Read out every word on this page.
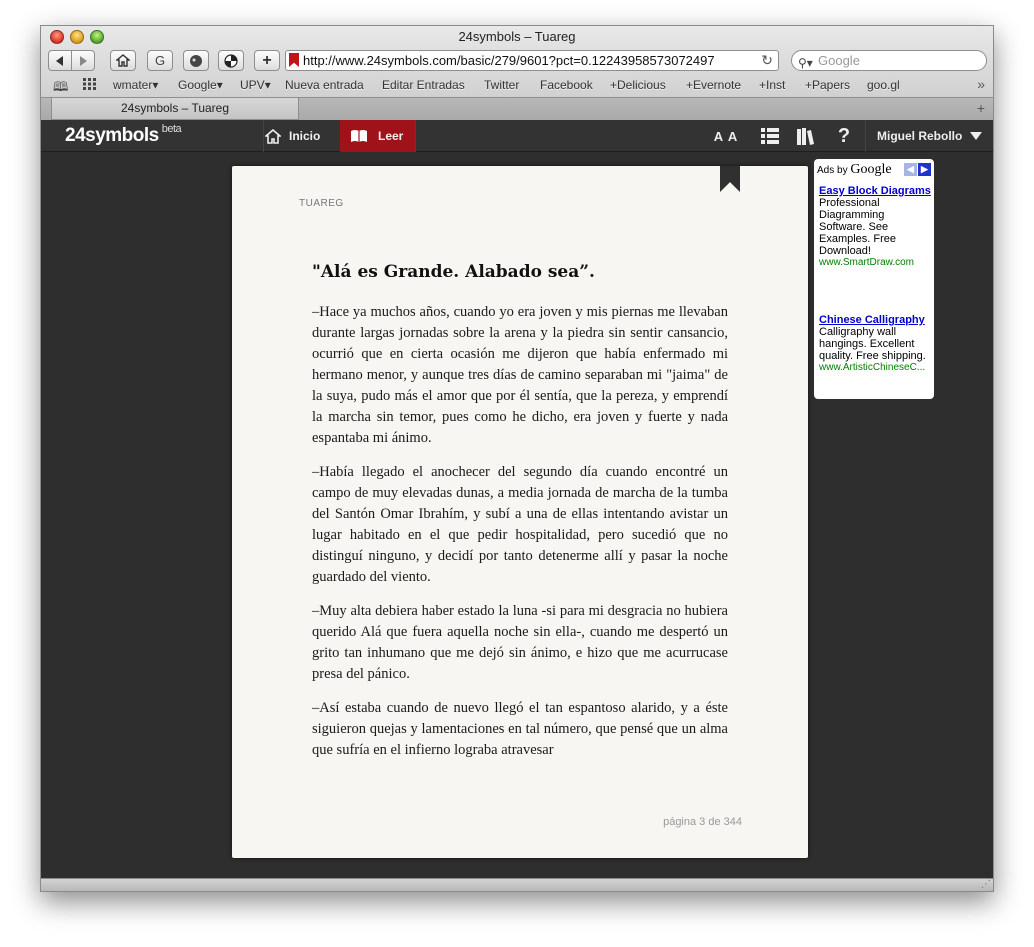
24symbols – Tuareg
G	+	http://www.24symbols.com/basic/279/9601?pct=0.12243958573072497	↻ ⚲▾ Google
🕮	wmater▾ Google▾ UPV▾ Nueva entrada Editar Entradas Twitter Facebook +Delicious +Evernote +Inst +Papers goo.gl	»
24symbols – Tuareg	+
24symbols $^{beta}$	Inicio	Leer	A A	? Miguel Rebollo
TUAREG
"Alá es Grande. Alabado sea”.

–Hace ya muchos años, cuando yo era joven y mis piernas me llevaban durante largas jornadas sobre la arena y la piedra sin sentir cansancio, ocurrió que en cierta ocasión me dijeron que había enfermado mi hermano menor, y aunque tres días de camino separaban mi "jaima" de la suya, pudo más el amor que por él sentía, que la pereza, y emprendí la marcha sin temor, pues como he dicho, era joven y fuerte y nada espantaba mi ánimo.

–Había llegado el anochecer del segundo día cuando encontré un campo de muy elevadas dunas, a media jornada de marcha de la tumba del Santón Omar Ibrahím, y subí a una de ellas intentando avistar un lugar habitado en el que pedir hospitalidad, pero sucedió que no distinguí ninguno, y decidí por tanto detenerme allí y pasar la noche guardado del viento.

–Muy alta debiera haber estado la luna -si para mi desgracia no hubiera querido Alá que fuera aquella noche sin ella-, cuando me despertó un grito tan inhumano que me dejó sin ánimo, e hizo que me acurrucase presa del pánico.

–Así estaba cuando de nuevo llegó el tan espantoso alarido, y a éste siguieron quejas y lamentaciones en tal número, que pensé que un alma que sufría en el infierno lograba atravesar

página 3 de 344
Ads by Google	◀ ▶
Easy Block Diagrams
Professional Diagramming Software. See Examples. Free Download!
www.SmartDraw.com
Chinese Calligraphy
Calligraphy wall hangings. Excellent quality. Free shipping.
www.ArtisticChineseC...
⋰
